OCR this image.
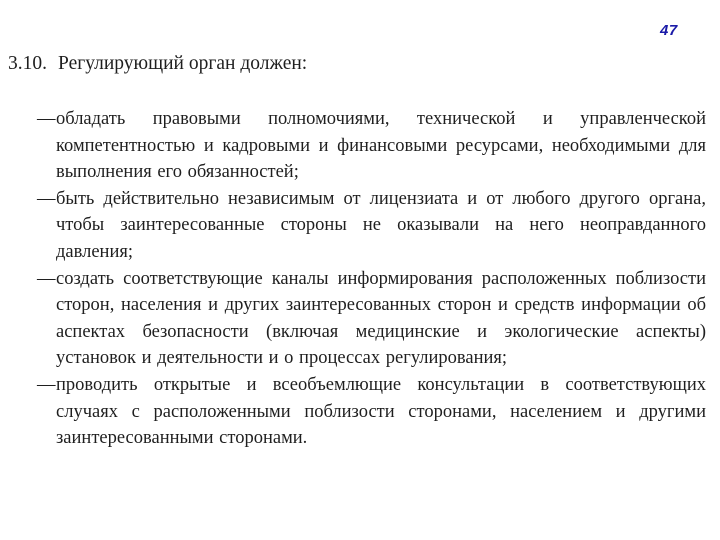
47
3.10. Регулирующий орган должен:
— обладать правовыми полномочиями, технической и управленческой компетентностью и кадровыми и финансовыми ресурсами, необходимыми для выполнения его обязанностей;
— быть действительно независимым от лицензиата и от любого другого органа, чтобы заинтересованные стороны не оказывали на него неоправданного давления;
— создать соответствующие каналы информирования расположенных поблизости сторон, населения и других заинтересованных сторон и средств информации об аспектах безопасности (включая медицинские и экологические аспекты) установок и деятельности и о процессах регулирования;
— проводить открытые и всеобъемлющие консультации в соответствующих случаях с расположенными поблизости сторонами, населением и другими заинтересованными сторонами.
